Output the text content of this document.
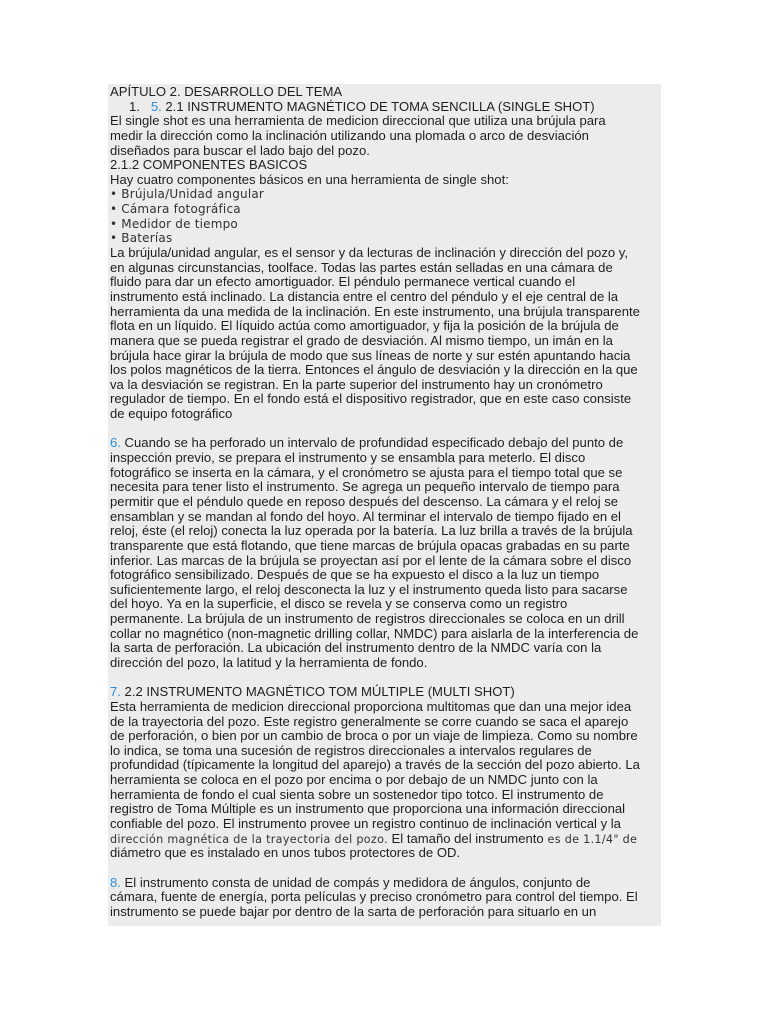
APÍTULO 2. DESARROLLO DEL TEMA
1. 5. 2.1 INSTRUMENTO MAGNÉTICO DE TOMA SENCILLA (SINGLE SHOT)
El single shot es una herramienta de medicion direccional que utiliza una brújula para
medir la dirección como la inclinación utilizando una plomada o arco de desviación
diseñados para buscar el lado bajo del pozo.
2.1.2 COMPONENTES BASICOS
Hay cuatro componentes básicos en una herramienta de single shot:
• Brújula/Unidad angular
• Cámara fotográfica
• Medidor de tiempo
• Baterías
La brújula/unidad angular, es el sensor y da lecturas de inclinación y dirección del pozo y,
en algunas circunstancias, toolface. Todas las partes están selladas en una cámara de
fluido para dar un efecto amortiguador. El péndulo permanece vertical cuando el
instrumento está inclinado. La distancia entre el centro del péndulo y el eje central de la
herramienta da una medida de la inclinación. En este instrumento, una brújula transparente
flota en un líquido. El líquido actúa como amortiguador, y fija la posición de la brújula de
manera que se pueda registrar el grado de desviación. Al mismo tiempo, un imán en la
brújula hace girar la brújula de modo que sus líneas de norte y sur estén apuntando hacia
los polos magnéticos de la tierra. Entonces el ángulo de desviación y la dirección en la que
va la desviación se registran. En la parte superior del instrumento hay un cronómetro
regulador de tiempo. En el fondo está el dispositivo registrador, que en este caso consiste
de equipo fotográfico
6. Cuando se ha perforado un intervalo de profundidad especificado debajo del punto de
inspección previo, se prepara el instrumento y se ensambla para meterlo. El disco
fotográfico se inserta en la cámara, y el cronómetro se ajusta para el tiempo total que se
necesita para tener listo el instrumento. Se agrega un pequeño intervalo de tiempo para
permitir que el péndulo quede en reposo después del descenso. La cámara y el reloj se
ensamblan y se mandan al fondo del hoyo. Al terminar el intervalo de tiempo fijado en el
reloj, éste (el reloj) conecta la luz operada por la batería. La luz brilla a través de la brújula
transparente que está flotando, que tiene marcas de brújula opacas grabadas en su parte
inferior. Las marcas de la brújula se proyectan así por el lente de la cámara sobre el disco
fotográfico sensibilizado. Después de que se ha expuesto el disco a la luz un tiempo
suficientemente largo, el reloj desconecta la luz y el instrumento queda listo para sacarse
del hoyo. Ya en la superficie, el disco se revela y se conserva como un registro
permanente. La brújula de un instrumento de registros direccionales se coloca en un drill
collar no magnético (non-magnetic drilling collar, NMDC) para aislarla de la interferencia de
la sarta de perforación. La ubicación del instrumento dentro de la NMDC varía con la
dirección del pozo, la latitud y la herramienta de fondo.
7. 2.2 INSTRUMENTO MAGNÉTICO TOM MÚLTIPLE (MULTI SHOT)
Esta herramienta de medicion direccional proporciona multitomas que dan una mejor idea
de la trayectoria del pozo. Este registro generalmente se corre cuando se saca el aparejo
de perforación, o bien por un cambio de broca o por un viaje de limpieza. Como su nombre
lo indica, se toma una sucesión de registros direccionales a intervalos regulares de
profundidad (típicamente la longitud del aparejo) a través de la sección del pozo abierto. La
herramienta se coloca en el pozo por encima o por debajo de un NMDC junto con la
herramienta de fondo el cual sienta sobre un sostenedor tipo totco. El instrumento de
registro de Toma Múltiple es un instrumento que proporciona una información direccional
confiable del pozo. El instrumento provee un registro continuo de inclinación vertical y la
dirección magnética de la trayectoria del pozo. El tamaño del instrumento es de 1.1/4" de
diámetro que es instalado en unos tubos protectores de OD.
8. El instrumento consta de unidad de compás y medidora de ángulos, conjunto de
cámara, fuente de energía, porta películas y preciso cronómetro para control del tiempo. El
instrumento se puede bajar por dentro de la sarta de perforación para situarlo en un
